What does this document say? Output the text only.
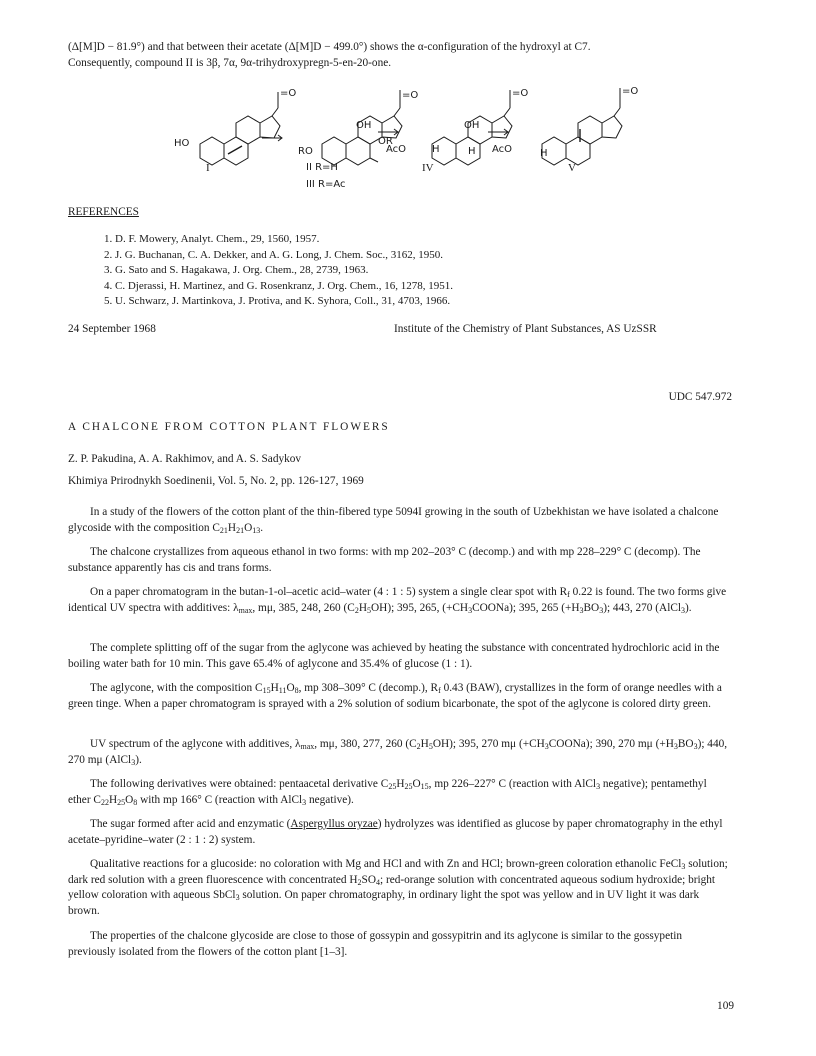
(Δ[M]D − 81.9°) and that between their acetate (Δ[M]D − 499.0°) shows the α-configuration of the hydroxyl at C7.
Consequently, compound II is 3β, 7α, 9α-trihydroxypregn-5-en-20-one.
HO
RO
OR
AcO	AcO
OH	OH
H	H	H
=O	=O	=O	=O
I	II R=H
III R=Ac
IV	V
REFERENCES
1. D. F. Mowery, Analyt. Chem., 29, 1560, 1957.
2. J. G. Buchanan, C. A. Dekker, and A. G. Long, J. Chem. Soc., 3162, 1950.
3. G. Sato and S. Hagakawa, J. Org. Chem., 28, 2739, 1963.
4. C. Djerassi, H. Martinez, and G. Rosenkranz, J. Org. Chem., 16, 1278, 1951.
5. U. Schwarz, J. Martinkova, J. Protiva, and K. Syhora, Coll., 31, 4703, 1966.
24 September 1968	Institute of the Chemistry of Plant Substances, AS UzSSR
UDC 547.972
A CHALCONE FROM COTTON PLANT FLOWERS
Z. P. Pakudina, A. A. Rakhimov, and A. S. Sadykov
Khimiya Prirodnykh Soedinenii, Vol. 5, No. 2, pp. 126-127, 1969
In a study of the flowers of the cotton plant of the thin-fibered type 5094I growing in the south of Uzbekhistan we have isolated a chalcone glycoside with the composition $C_{21}H_{21}O_{13}$.
The chalcone crystallizes from aqueous ethanol in two forms: with mp 202–203° C (decomp.) and with mp 228–229° C (decomp). The substance apparently has cis and trans forms.
On a paper chromatogram in the butan-1-ol–acetic acid–water (4 : 1 : 5) system a single clear spot with $R_f$ 0.22 is found. The two forms give identical UV spectra with additives: $\lambda_{max}$, mμ, 385, 248, 260 $(C_2H_5OH)$; 395, 265, $(+CH_3COONa)$; 395, 265 $(+H_3BO_3)$; 443, 270 (AlCl$_3$).
The complete splitting off of the sugar from the aglycone was achieved by heating the substance with concentrated hydrochloric acid in the boiling water bath for 10 min. This gave 65.4% of aglycone and 35.4% of glucose (1 : 1).
The aglycone, with the composition $C_{15}H_{11}O_8$, mp 308–309° C (decomp.), $R_f$ 0.43 (BAW), crystallizes in the form of orange needles with a green tinge. When a paper chromatogram is sprayed with a 2% solution of sodium bicarbonate, the spot of the aglycone is colored dirty green.
UV spectrum of the aglycone with additives, $\lambda_{max}$, mμ, 380, 277, 260 $(C_2H_5OH)$; 395, 270 mμ $(+CH_3COONa)$; 390, 270 mμ $(+H_3BO_3)$; 440, 270 mμ (AlCl$_3$).
The following derivatives were obtained: pentaacetal derivative $C_{25}H_{25}O_{15}$, mp 226–227° C (reaction with AlCl$_3$ negative); pentamethyl ether $C_{22}H_{25}O_8$ with mp 166° C (reaction with AlCl$_3$ negative).
The sugar formed after acid and enzymatic (Aspergyllus oryzae) hydrolyzes was identified as glucose by paper chromatography in the ethyl acetate–pyridine–water (2 : 1 : 2) system.
Qualitative reactions for a glucoside: no coloration with Mg and HCl and with Zn and HCl; brown-green coloration ethanolic FeCl$_3$ solution; dark red solution with a green fluorescence with concentrated $H_2SO_4$; red-orange solution with concentrated aqueous sodium hydroxide; bright yellow coloration with aqueous SbCl$_3$ solution. On paper chromatography, in ordinary light the spot was yellow and in UV light it was dark brown.
The properties of the chalcone glycoside are close to those of gossypin and gossypitrin and its aglycone is similar to the gossypetin previously isolated from the flowers of the cotton plant [1–3].
109
